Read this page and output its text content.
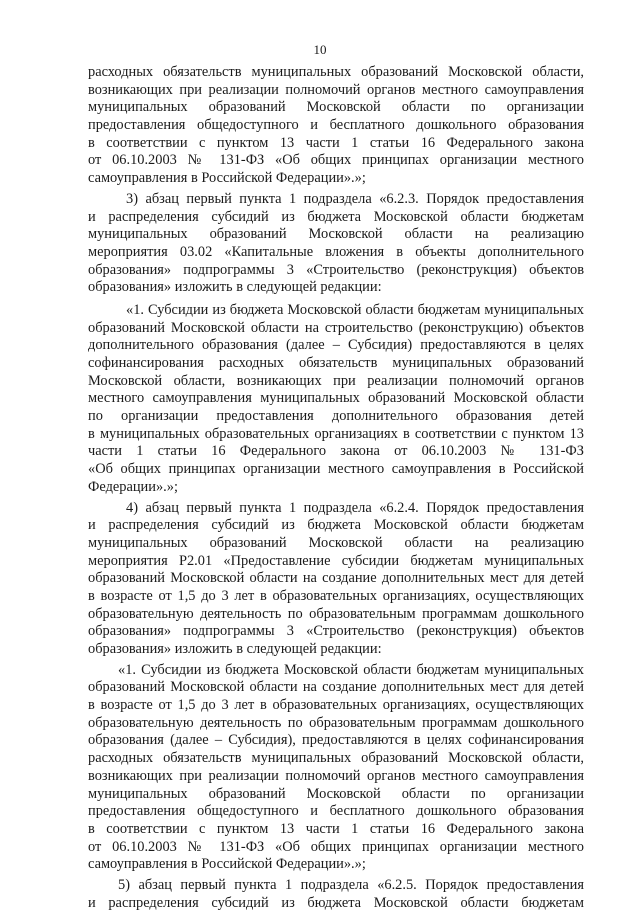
10
расходных обязательств муниципальных образований Московской области,
возникающих при реализации полномочий органов местного самоуправления
муниципальных образований Московской области по организации
предоставления общедоступного и бесплатного дошкольного образования
в соответствии с пунктом 13 части 1 статьи 16 Федерального закона
от 06.10.2003 № 131-ФЗ «Об общих принципах организации местного
самоуправления в Российской Федерации».»;
3) абзац первый пункта 1 подраздела «6.2.3. Порядок предоставления
и распределения субсидий из бюджета Московской области бюджетам
муниципальных образований Московской области на реализацию
мероприятия 03.02 «Капитальные вложения в объекты дополнительного
образования» подпрограммы 3 «Строительство (реконструкция) объектов
образования» изложить в следующей редакции:
«1. Субсидии из бюджета Московской области бюджетам муниципальных
образований Московской области на строительство (реконструкцию) объектов
дополнительного образования (далее – Субсидия) предоставляются в целях
софинансирования расходных обязательств муниципальных образований
Московской области, возникающих при реализации полномочий органов
местного самоуправления муниципальных образований Московской области
по организации предоставления дополнительного образования детей
в муниципальных образовательных организациях в соответствии с пунктом 13
части 1 статьи 16 Федерального закона от 06.10.2003 № 131-ФЗ
«Об общих принципах организации местного самоуправления в Российской
Федерации».»;
4) абзац первый пункта 1 подраздела «6.2.4. Порядок предоставления
и распределения субсидий из бюджета Московской области бюджетам
муниципальных образований Московской области на реализацию
мероприятия Р2.01 «Предоставление субсидии бюджетам муниципальных
образований Московской области на создание дополнительных мест для детей
в возрасте от 1,5 до 3 лет в образовательных организациях, осуществляющих
образовательную деятельность по образовательным программам дошкольного
образования» подпрограммы 3 «Строительство (реконструкция) объектов
образования» изложить в следующей редакции:
«1. Субсидии из бюджета Московской области бюджетам муниципальных
образований Московской области на создание дополнительных мест для детей
в возрасте от 1,5 до 3 лет в образовательных организациях, осуществляющих
образовательную деятельность по образовательным программам дошкольного
образования (далее – Субсидия), предоставляются в целях софинансирования
расходных обязательств муниципальных образований Московской области,
возникающих при реализации полномочий органов местного самоуправления
муниципальных образований Московской области по организации
предоставления общедоступного и бесплатного дошкольного образования
в соответствии с пунктом 13 части 1 статьи 16 Федерального закона
от 06.10.2003 № 131-ФЗ «Об общих принципах организации местного
самоуправления в Российской Федерации».»;
5) абзац первый пункта 1 подраздела «6.2.5. Порядок предоставления
и распределения субсидий из бюджета Московской области бюджетам
